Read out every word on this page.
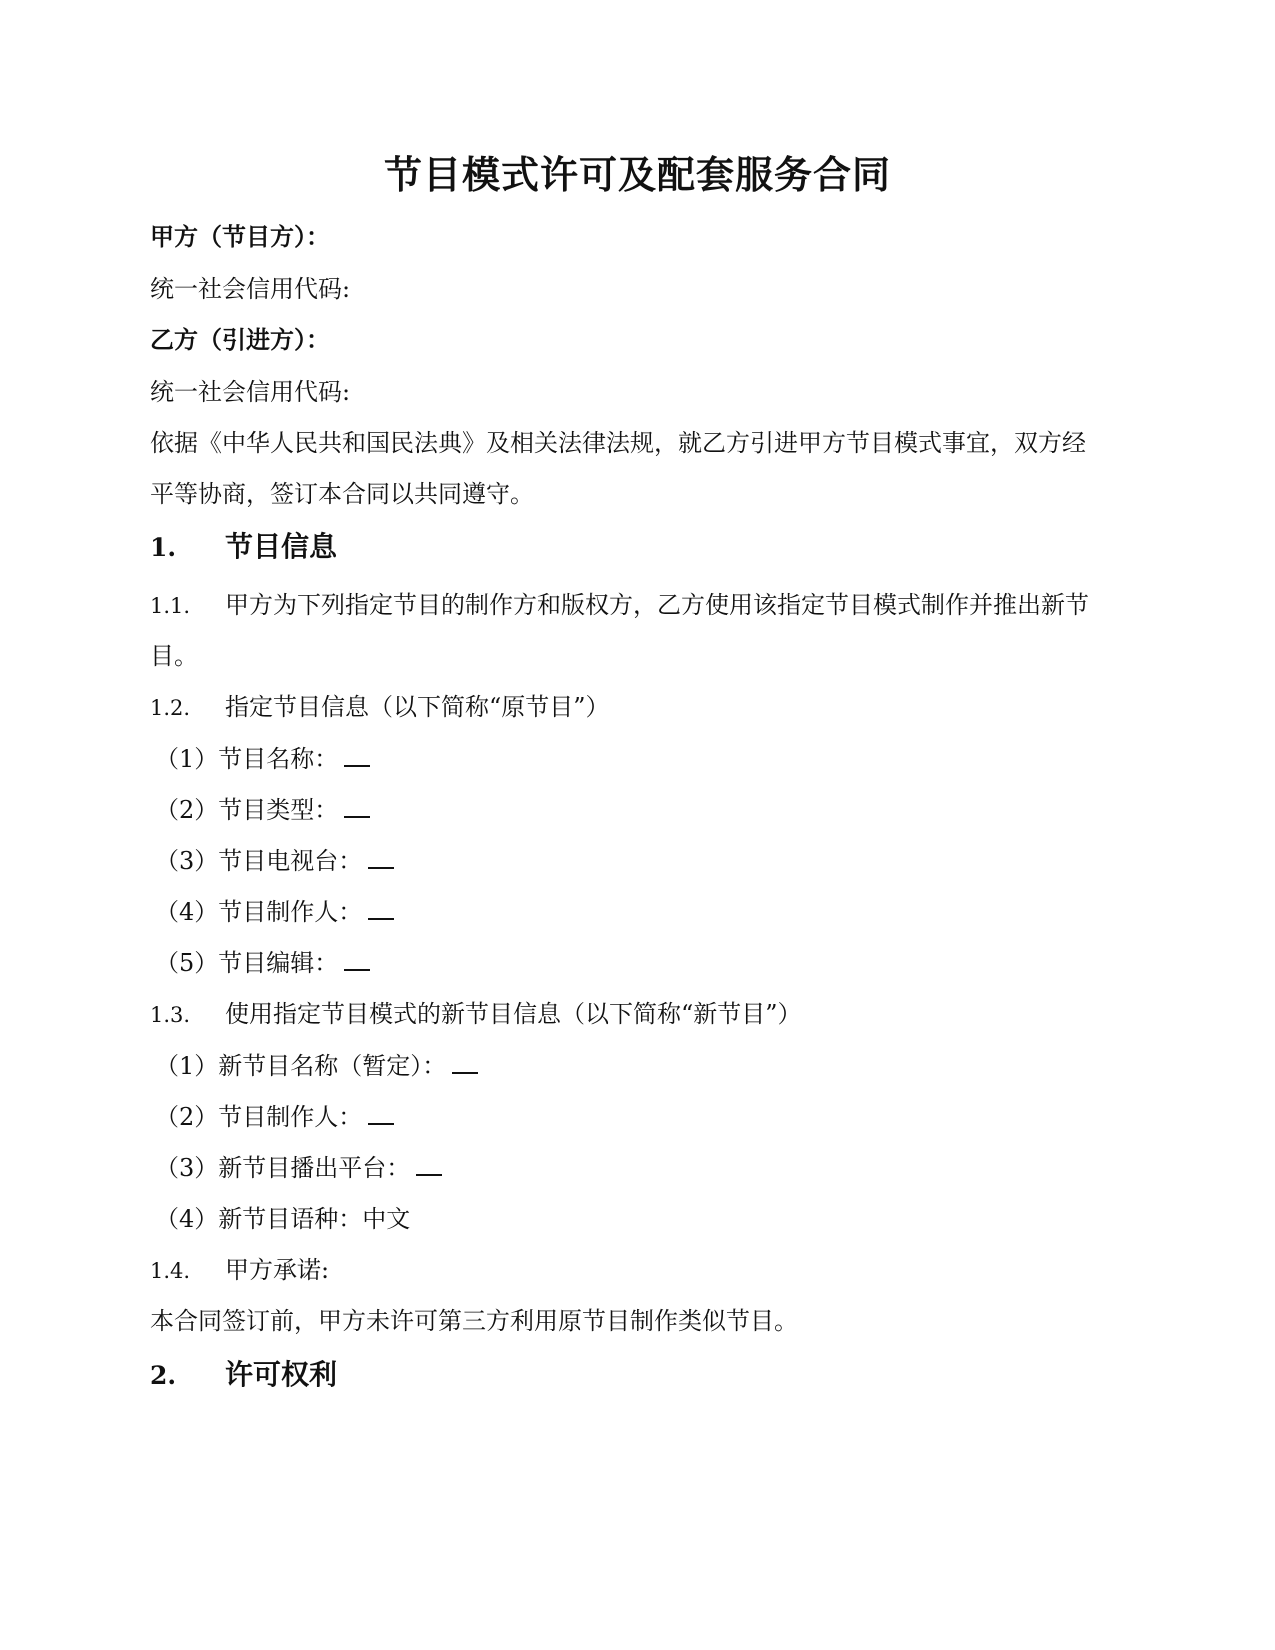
节目模式许可及配套服务合同
甲方（节目方）：
统一社会信用代码:
乙方（引进方）：
统一社会信用代码:
依据《中华人民共和国民法典》及相关法律法规，就乙方引进甲方节目模式事宜，双方经
平等协商，签订本合同以共同遵守。
1. 节目信息
1.1. 甲方为下列指定节目的制作方和版权方，乙方使用该指定节目模式制作并推出新节
目。
1.2. 指定节目信息（以下简称“原节目”）
（1）节目名称：
（2）节目类型：
（3）节目电视台：
（4）节目制作人：
（5）节目编辑：
1.3. 使用指定节目模式的新节目信息（以下简称“新节目”）
（1）新节目名称（暂定）：
（2）节目制作人：
（3）新节目播出平台：
（4）新节目语种：中文
1.4. 甲方承诺:
本合同签订前，甲方未许可第三方利用原节目制作类似节目。
2. 许可权利
